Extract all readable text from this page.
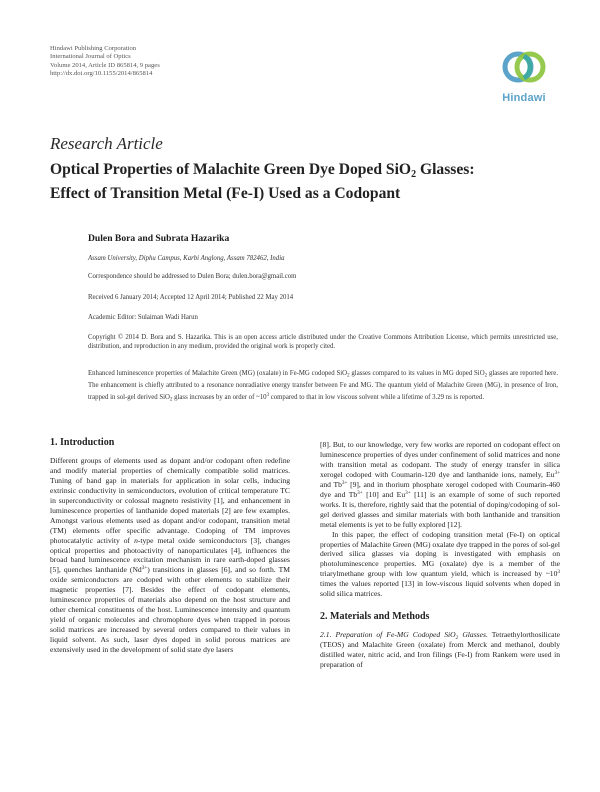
Hindawi Publishing Corporation
International Journal of Optics
Volume 2014, Article ID 865814, 9 pages
http://dx.doi.org/10.1155/2014/865814
Hindawi
Research Article
Optical Properties of Malachite Green Dye Doped SiO$_2$ Glasses:
Effect of Transition Metal (Fe-I) Used as a Codopant
Dulen Bora and Subrata Hazarika
Assam University, Diphu Campus, Karbi Anglong, Assam 782462, India
Correspondence should be addressed to Dulen Bora; dulen.bora@gmail.com
Received 6 January 2014; Accepted 12 April 2014; Published 22 May 2014
Academic Editor: Sulaiman Wadi Harun
Copyright © 2014 D. Bora and S. Hazarika. This is an open access article distributed under the Creative Commons Attribution License, which permits unrestricted use, distribution, and reproduction in any medium, provided the original work is properly cited.

Enhanced luminescence properties of Malachite Green (MG) (oxalate) in Fe-MG codoped SiO$_2$ glasses compared to its values in MG doped SiO$_2$ glasses are reported here. The enhancement is chiefly attributed to a resonance nonradiative energy transfer between Fe and MG. The quantum yield of Malachite Green (MG), in presence of Iron, trapped in sol-gel derived SiO$_2$ glass increases by an order of $\sim 10^3$ compared to that in low viscous solvent while a lifetime of 3.29 ns is reported.

1. Introduction

Different groups of elements used as dopant and/or codopant often redefine and modify material properties of chemically compatible solid matrices. Tuning of band gap in materials for application in solar cells, inducing extrinsic conductivity in semiconductors, evolution of critical temperature TC in superconductivity or colossal magneto resistivity [1], and enhancement in luminescence properties of lanthanide doped materials [2] are few examples. Amongst various elements used as dopant and/or codopant, transition metal (TM) elements offer specific advantage. Codoping of TM improves photocatalytic activity of n-type metal oxide semiconductors [3], changes optical properties and photoactivity of nanoparticulates [4], influences the broad band luminescence excitation mechanism in rare earth-doped glasses [5], quenches lanthanide $(Nd^{3+})$ transitions in glasses [6], and so forth. TM oxide semiconductors are codoped with other elements to stabilize their magnetic properties [7]. Besides the effect of codopant elements, luminescence properties of materials also depend on the host structure and other chemical constituents of the host. Luminescence intensity and quantum yield of organic molecules and chromophore dyes when trapped in porous solid matrices are increased by several orders compared to their values in liquid solvent. As such, laser dyes doped in solid porous matrices are extensively used in the development of solid state dye lasers

[8]. But, to our knowledge, very few works are reported on codopant effect on luminescence properties of dyes under confinement of solid matrices and none with transition metal as codopant. The study of energy transfer in silica xerogel codoped with Coumarin-120 dye and lanthanide ions, namely, $Eu^{3+}$ and $Tb^{3+}$ [9], and in thorium phosphate xerogel codoped with Coumarin-460 dye and $Tb^{3+}$ [10] and $Eu^{3+}$ [11] is an example of some of such reported works. It is, therefore, rightly said that the potential of doping/codoping of sol-gel derived glasses and similar materials with both lanthanide and transition metal elements is yet to be fully explored [12].

In this paper, the effect of codoping transition metal (Fe-I) on optical properties of Malachite Green (MG) oxalate dye trapped in the pores of sol-gel derived silica glasses via doping is investigated with emphasis on photoluminescence properties. MG (oxalate) dye is a member of the triarylmethane group with low quantum yield, which is increased by $\sim 10^3$ times the values reported [13] in low-viscous liquid solvents when doped in solid silica matrices.

2. Materials and Methods

2.1. Preparation of Fe-MG Codoped SiO$_2$ Glasses. Tetraethylorthosilicate (TEOS) and Malachite Green (oxalate) from Merck and methanol, doubly distilled water, nitric acid, and Iron filings (Fe-I) from Rankem were used in preparation of
